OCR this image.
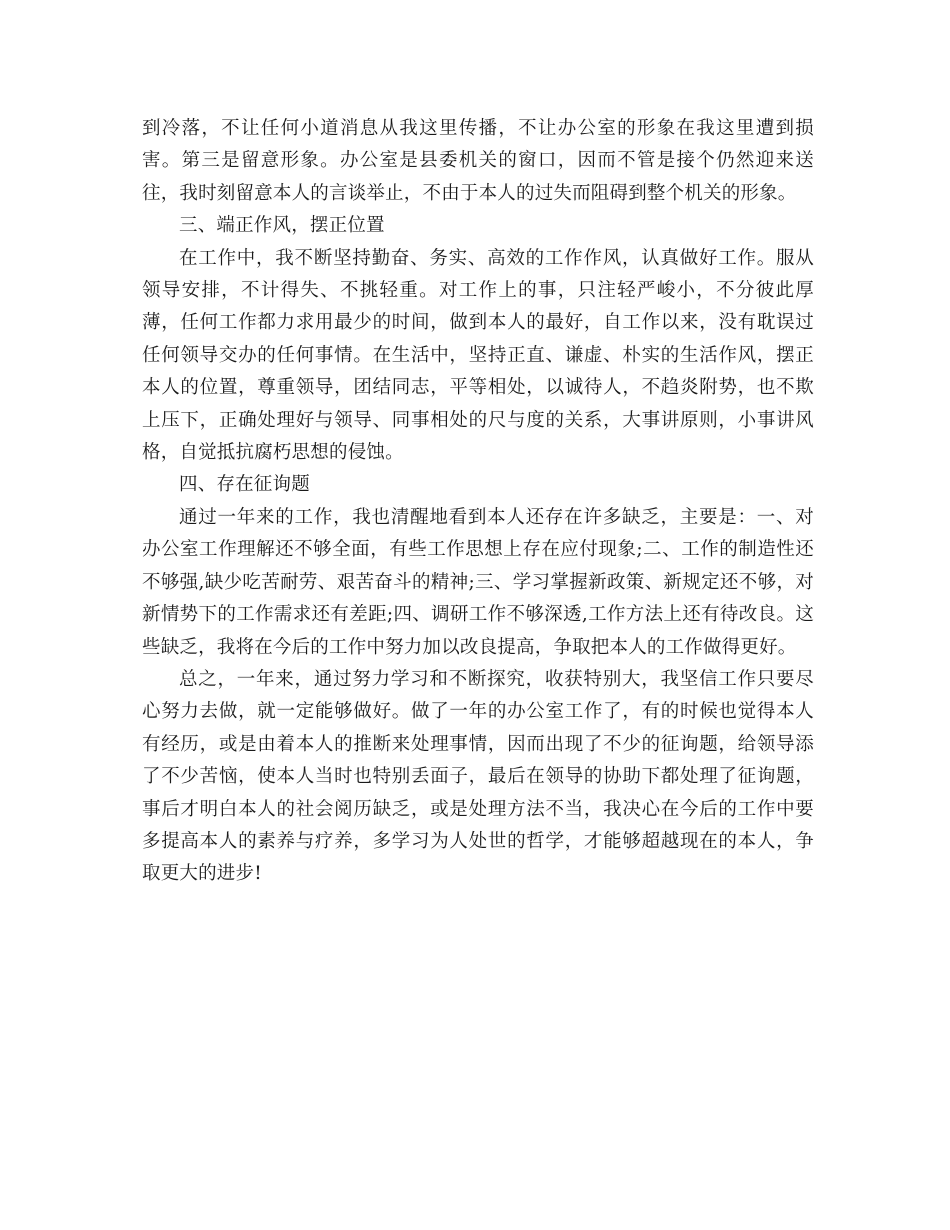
到冷落，不让任何小道消息从我这里传播，不让办公室的形象在我这里遭到损害。第三是留意形象。办公室是县委机关的窗口，因而不管是接个仍然迎来送往，我时刻留意本人的言谈举止，不由于本人的过失而阻碍到整个机关的形象。

三、端正作风，摆正位置

在工作中，我不断坚持勤奋、务实、高效的工作作风，认真做好工作。服从领导安排，不计得失、不挑轻重。对工作上的事，只注轻严峻小，不分彼此厚薄，任何工作都力求用最少的时间，做到本人的最好，自工作以来，没有耽误过任何领导交办的任何事情。在生活中，坚持正直、谦虚、朴实的生活作风，摆正本人的位置，尊重领导，团结同志，平等相处，以诚待人，不趋炎附势，也不欺上压下，正确处理好与领导、同事相处的尺与度的关系，大事讲原则，小事讲风格，自觉抵抗腐朽思想的侵蚀。

四、存在征询题

通过一年来的工作，我也清醒地看到本人还存在许多缺乏，主要是：一、对办公室工作理解还不够全面，有些工作思想上存在应付现象;二、工作的制造性还不够强,缺少吃苦耐劳、艰苦奋斗的精神;三、学习掌握新政策、新规定还不够，对新情势下的工作需求还有差距;四、调研工作不够深透,工作方法上还有待改良。这些缺乏，我将在今后的工作中努力加以改良提高，争取把本人的工作做得更好。

总之，一年来，通过努力学习和不断探究，收获特别大，我坚信工作只要尽心努力去做，就一定能够做好。做了一年的办公室工作了，有的时候也觉得本人有经历，或是由着本人的推断来处理事情，因而出现了不少的征询题，给领导添了不少苦恼，使本人当时也特别丢面子，最后在领导的协助下都处理了征询题，事后才明白本人的社会阅历缺乏，或是处理方法不当，我决心在今后的工作中要多提高本人的素养与疗养，多学习为人处世的哲学，才能够超越现在的本人，争取更大的进步!
